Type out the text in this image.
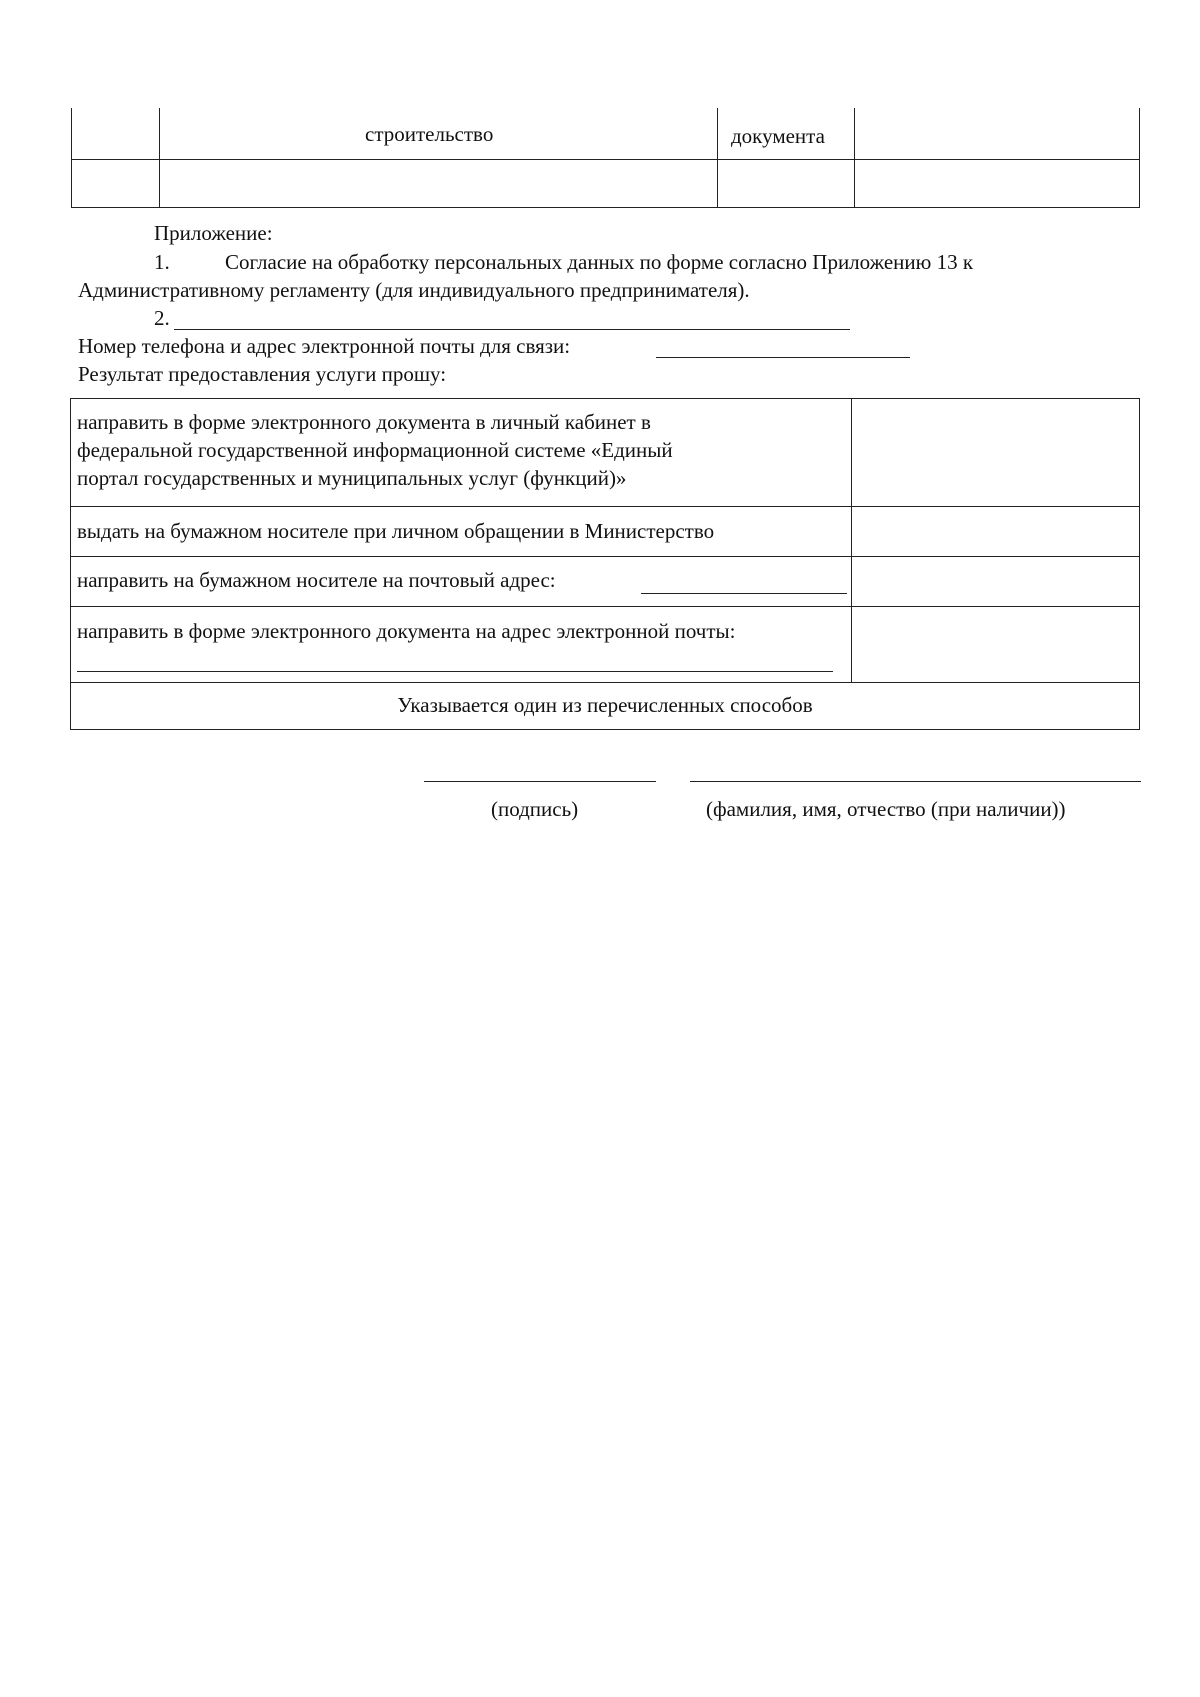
строительство	документа
Приложение:
1.	Согласие на обработку персональных данных по форме согласно Приложению 13 к
Административному регламенту (для индивидуального предпринимателя).
2.
Номер телефона и адрес электронной почты для связи:
Результат предоставления услуги прошу:
направить в форме электронного документа в личный кабинет в
федеральной государственной информационной системе «Единый
портал государственных и муниципальных услуг (функций)»
выдать на бумажном носителе при личном обращении в Министерство
направить на бумажном носителе на почтовый адрес:
направить в форме электронного документа на адрес электронной почты:
Указывается один из перечисленных способов
(подпись)	(фамилия, имя, отчество (при наличии))
